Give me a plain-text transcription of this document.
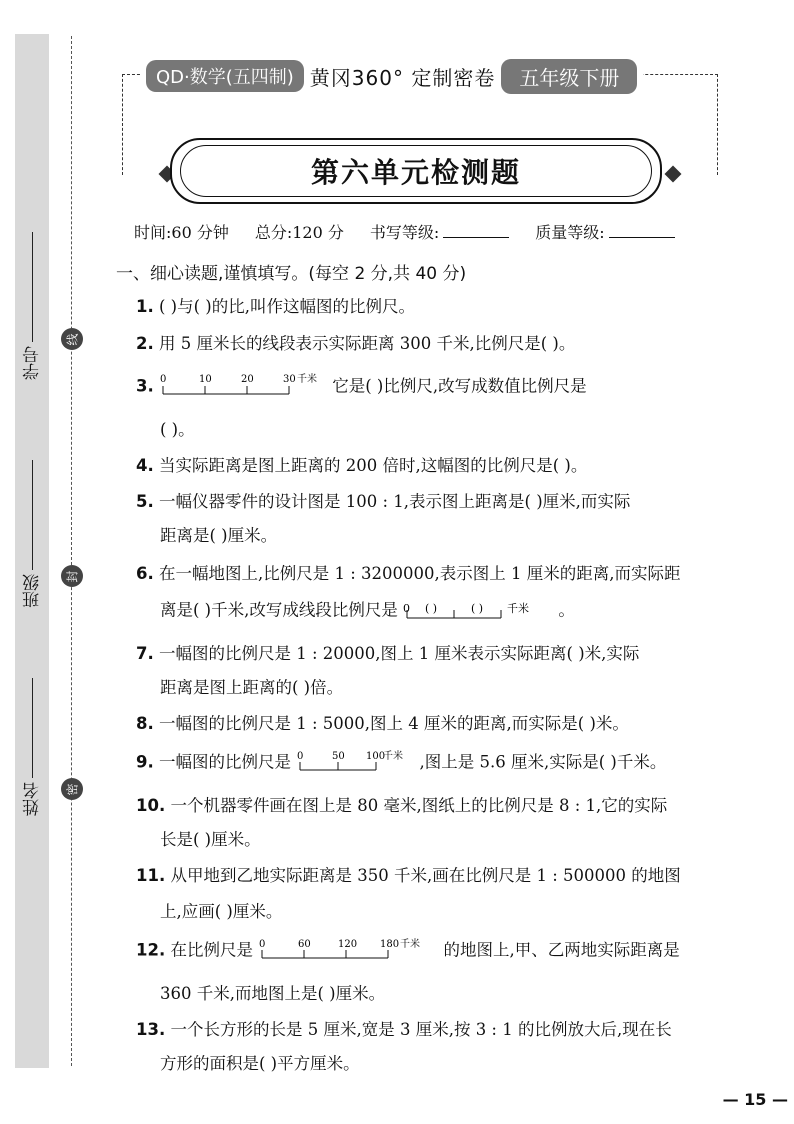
学号
班级
姓名
线
封
密
QD·数学(五四制) 黄冈360° 定制密卷	五年级下册
第六单元检测题
时间:60 分钟 总分:120 分 书写等级:	质量等级:
一、细心读题,谨慎填写。(每空 2 分,共 40 分)
1. ( )与( )的比,叫作这幅图的比例尺。
2. 用 5 厘米长的线段表示实际距离 300 千米,比例尺是( )。
3. 0	10	20	30 千米 它是( )比例尺,改写成数值比例尺是
( )。
4. 当实际距离是图上距离的 200 倍时,这幅图的比例尺是( )。
5. 一幅仪器零件的设计图是 100 : 1,表示图上距离是( )厘米,而实际
距离是( )厘米。
6. 在一幅地图上,比例尺是 1 : 3200000,表示图上 1 厘米的距离,而实际距
离是( )千米,改写成线段比例尺是 0 ( )	( ) 千米 。
7. 一幅图的比例尺是 1 : 20000,图上 1 厘米表示实际距离( )米,实际
距离是图上距离的( )倍。
8. 一幅图的比例尺是 1 : 5000,图上 4 厘米的距离,而实际是( )米。
9. 一幅图的比例尺是 0	50 100
千米 ,图上是 5.6 厘米,实际是( )千米。
10. 一个机器零件画在图上是 80 毫米,图纸上的比例尺是 8 : 1,它的实际
长是( )厘米。
11. 从甲地到乙地实际距离是 350 千米,画在比例尺是 1 : 500000 的地图
上,应画( )厘米。
12. 在比例尺是 0	60	120 180 千米 的地图上,甲、乙两地实际距离是
360 千米,而地图上是( )厘米。
13. 一个长方形的长是 5 厘米,宽是 3 厘米,按 3 : 1 的比例放大后,现在长
方形的面积是( )平方厘米。
— 15 —
